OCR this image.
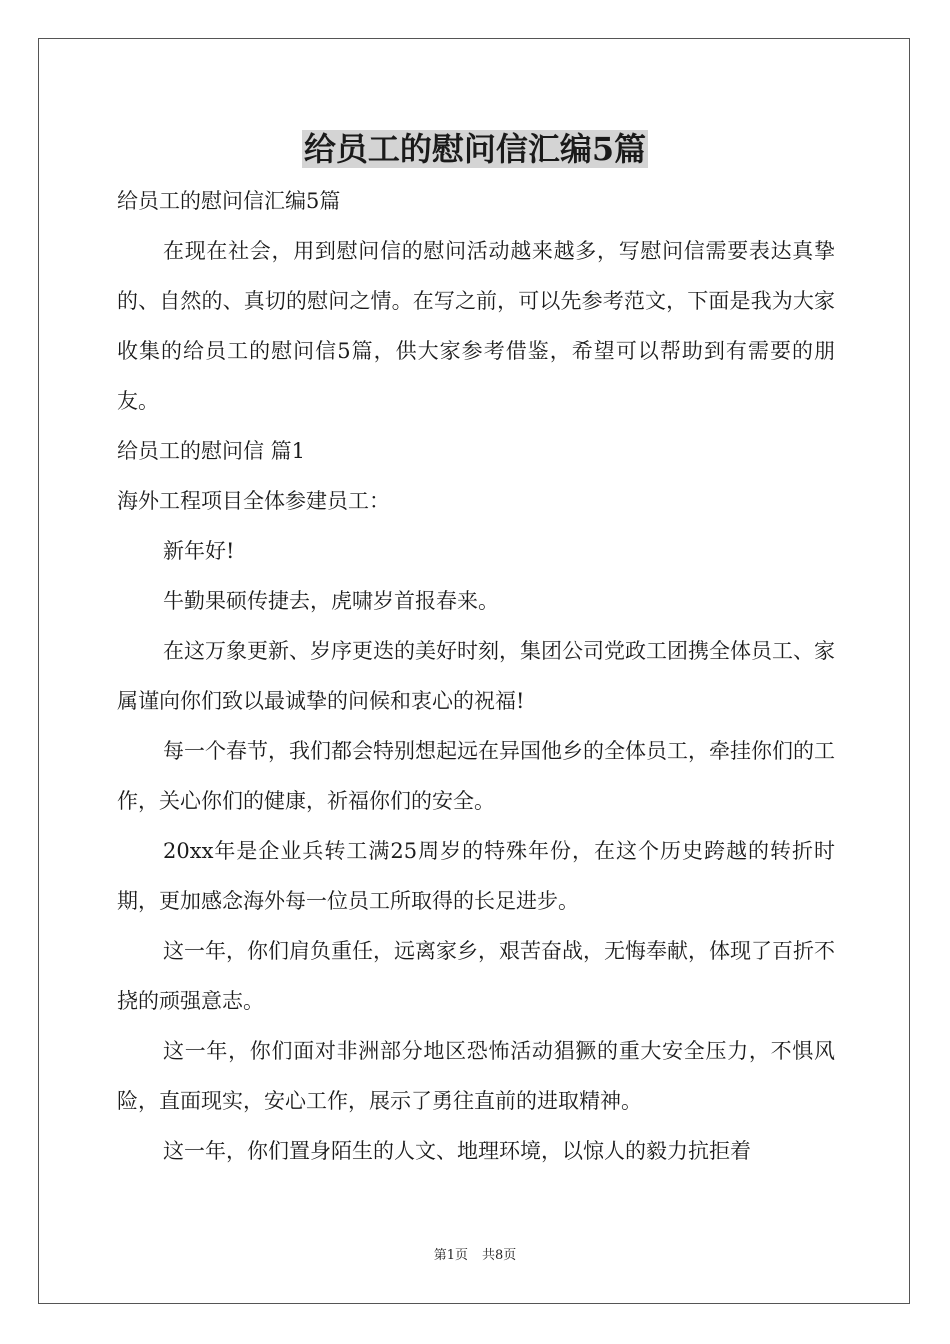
给员工的慰问信汇编5篇

给员工的慰问信汇编5篇

在现在社会，用到慰问信的慰问活动越来越多，写慰问信需要表达真挚的、自然的、真切的慰问之情。在写之前，可以先参考范文，下面是我为大家收集的给员工的慰问信5篇，供大家参考借鉴，希望可以帮助到有需要的朋友。

给员工的慰问信 篇1

海外工程项目全体参建员工：

新年好!

牛勤果硕传捷去，虎啸岁首报春来。

在这万象更新、岁序更迭的美好时刻，集团公司党政工团携全体员工、家属谨向你们致以最诚挚的问候和衷心的祝福!

每一个春节，我们都会特别想起远在异国他乡的全体员工，牵挂你们的工作，关心你们的健康，祈福你们的安全。

20xx年是企业兵转工满25周岁的特殊年份，在这个历史跨越的转折时期，更加感念海外每一位员工所取得的长足进步。

这一年，你们肩负重任，远离家乡，艰苦奋战，无悔奉献，体现了百折不挠的顽强意志。

这一年，你们面对非洲部分地区恐怖活动猖獗的重大安全压力，不惧风险，直面现实，安心工作，展示了勇往直前的进取精神。

这一年，你们置身陌生的人文、地理环境，以惊人的毅力抗拒着

第1页 共8页
